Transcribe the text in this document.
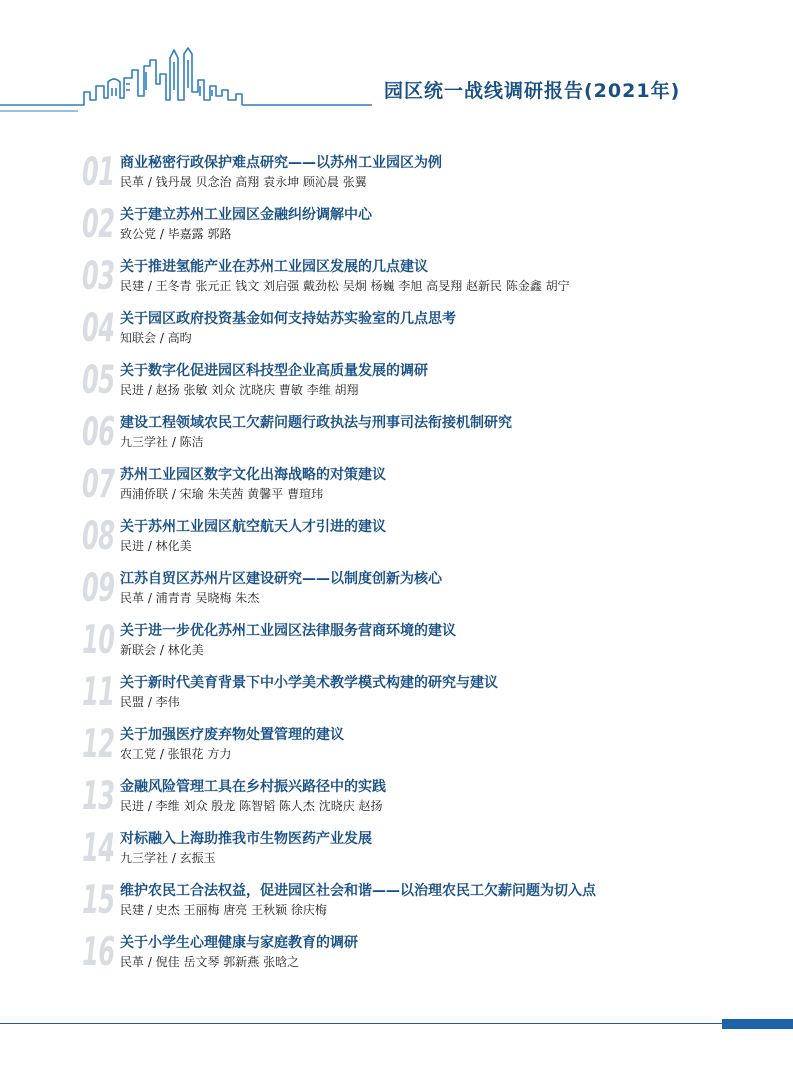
园区统一战线调研报告(2021年)
01 商业秘密行政保护难点研究——以苏州工业园区为例
民革 / 钱丹晟 贝念治 高翔 袁永坤 顾沁晨 张翼
02 关于建立苏州工业园区金融纠纷调解中心
致公党 / 毕嘉露 郭路
03 关于推进氢能产业在苏州工业园区发展的几点建议
民建 / 王冬青 张元正 钱文 刘启强 戴劲松 吴炯 杨巍 李旭 高旻翔 赵新民 陈金鑫 胡宁
04 关于园区政府投资基金如何支持姑苏实验室的几点思考
知联会 / 高昀
05 关于数字化促进园区科技型企业高质量发展的调研
民进 / 赵扬 张敏 刘众 沈晓庆 曹敏 李维 胡翔
06 建设工程领域农民工欠薪问题行政执法与刑事司法衔接机制研究
九三学社 / 陈洁
07 苏州工业园区数字文化出海战略的对策建议
西浦侨联 / 宋瑜 朱芙茜 黄馨平 曹瑄玮
08 关于苏州工业园区航空航天人才引进的建议
民进 / 林化美
09 江苏自贸区苏州片区建设研究——以制度创新为核心
民革 / 浦青青 吴晓梅 朱杰
10 关于进一步优化苏州工业园区法律服务营商环境的建议
新联会 / 林化美
11 关于新时代美育背景下中小学美术教学模式构建的研究与建议
民盟 / 李伟
12 关于加强医疗废弃物处置管理的建议
农工党 / 张银花 方力
13 金融风险管理工具在乡村振兴路径中的实践
民进 / 李维 刘众 殷龙 陈智韬 陈人杰 沈晓庆 赵扬
14 对标融入上海助推我市生物医药产业发展
九三学社 / 玄振玉
15 维护农民工合法权益，促进园区社会和谐——以治理农民工欠薪问题为切入点
民建 / 史杰 王丽梅 唐亮 王秋颖 徐庆梅
16 关于小学生心理健康与家庭教育的调研
民革 / 倪佳 岳文琴 郭新燕 张晗之
